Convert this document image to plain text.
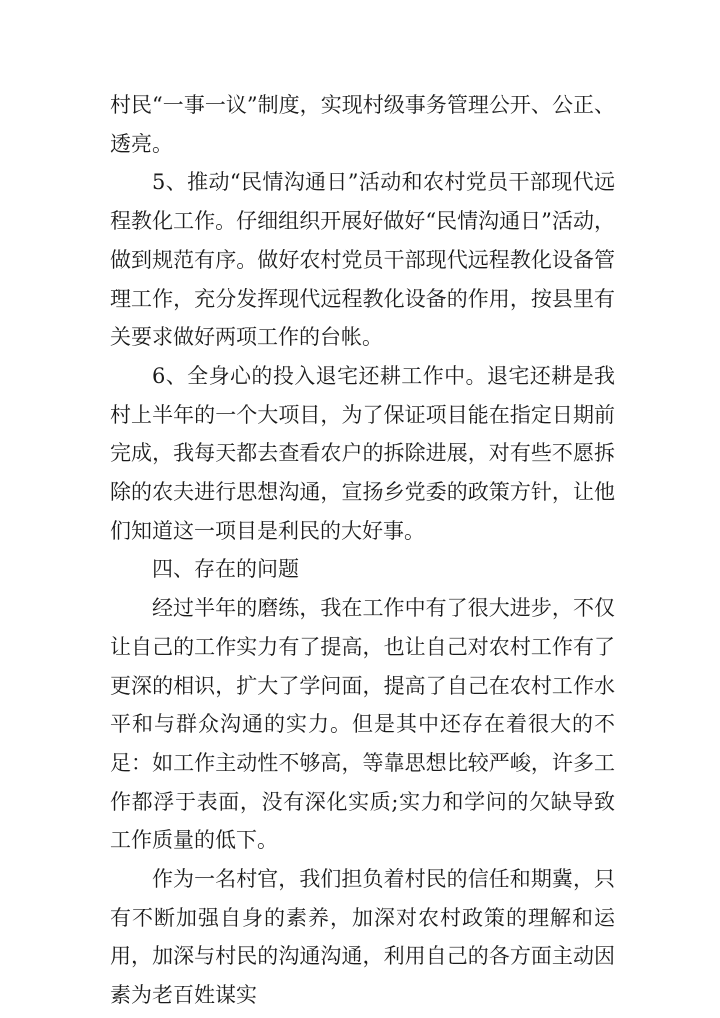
村民“一事一议”制度，实现村级事务管理公开、公正、透亮。

5、推动“民情沟通日”活动和农村党员干部现代远程教化工作。仔细组织开展好做好“民情沟通日”活动，做到规范有序。做好农村党员干部现代远程教化设备管理工作，充分发挥现代远程教化设备的作用，按县里有关要求做好两项工作的台帐。

6、全身心的投入退宅还耕工作中。退宅还耕是我村上半年的一个大项目，为了保证项目能在指定日期前完成，我每天都去查看农户的拆除进展，对有些不愿拆除的农夫进行思想沟通，宣扬乡党委的政策方针，让他们知道这一项目是利民的大好事。

四、存在的问题

经过半年的磨练，我在工作中有了很大进步，不仅让自己的工作实力有了提高，也让自己对农村工作有了更深的相识，扩大了学问面，提高了自己在农村工作水平和与群众沟通的实力。但是其中还存在着很大的不足：如工作主动性不够高，等靠思想比较严峻，许多工作都浮于表面，没有深化实质;实力和学问的欠缺导致工作质量的低下。

作为一名村官，我们担负着村民的信任和期冀，只有不断加强自身的素养，加深对农村政策的理解和运用，加深与村民的沟通沟通，利用自己的各方面主动因素为老百姓谋实
